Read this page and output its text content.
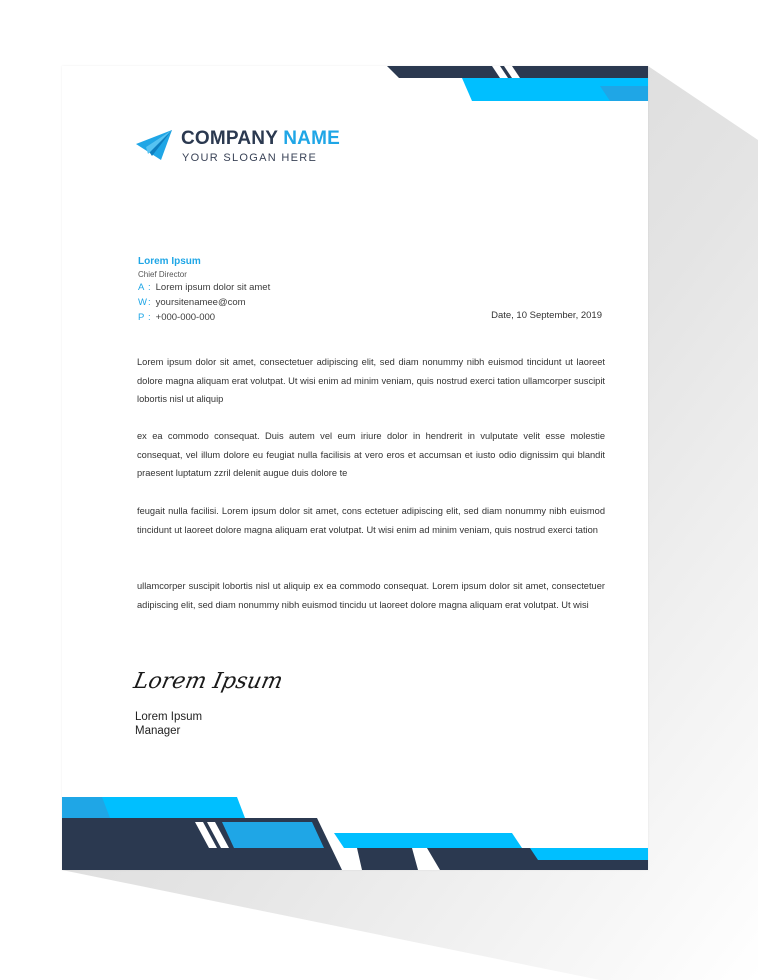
COMPANY NAME
YOUR SLOGAN HERE
Lorem Ipsum
Chief Director
A : Lorem ipsum dolor sit amet
W: yoursitenamee@com
P : +000-000-000	Date, 10 September, 2019
Lorem ipsum dolor sit amet, consectetuer adipiscing elit, sed diam nonummy nibh euismod tincidunt ut laoreet dolore magna aliquam erat volutpat. Ut wisi enim ad minim veniam, quis nostrud exerci tation ullamcorper suscipit lobortis nisl ut aliquip
ex ea commodo consequat. Duis autem vel eum iriure dolor in hendrerit in vulputate velit esse molestie consequat, vel illum dolore eu feugiat nulla facilisis at vero eros et accumsan et iusto odio dignissim qui blandit praesent luptatum zzril delenit augue duis dolore te
feugait nulla facilisi. Lorem ipsum dolor sit amet, cons ectetuer adipiscing elit, sed diam nonummy nibh euismod tincidunt ut laoreet dolore magna aliquam erat volutpat. Ut wisi enim ad minim veniam, quis nostrud exerci tation
ullamcorper suscipit lobortis nisl ut aliquip ex ea commodo consequat. Lorem ipsum dolor sit amet, consectetuer adipiscing elit, sed diam nonummy nibh euismod tincidu ut laoreet dolore magna aliquam erat volutpat. Ut wisi
Lorem Ipsum
Lorem Ipsum
Manager
